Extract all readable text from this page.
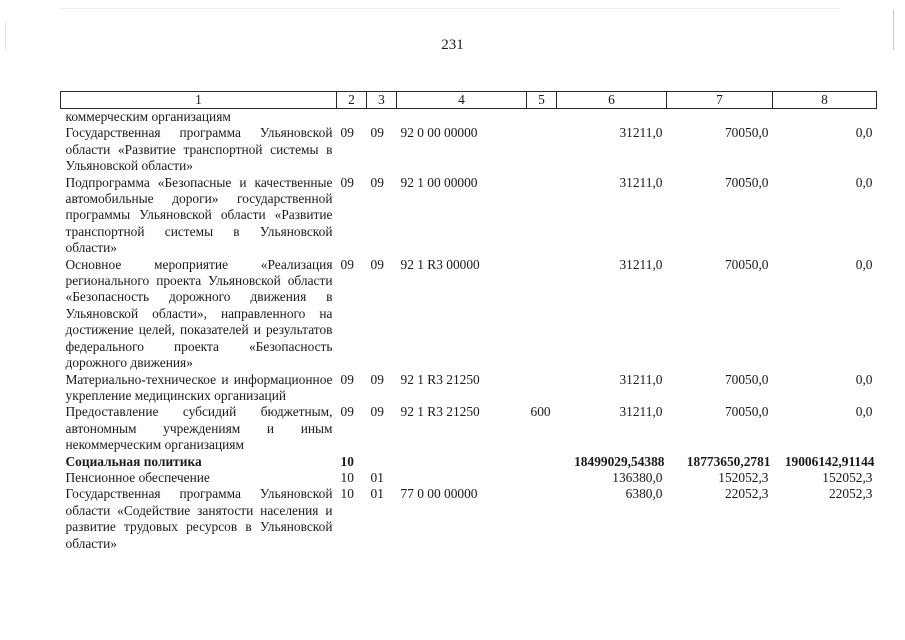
231
1	2	3	4	5	6	7	8
коммерческим организациям							
Государственная программа Ульяновской области «Развитие транспортной системы в Ульяновской области»	09	09	92 0 00 00000		31211,0	70050,0	0,0
Подпрограмма «Безопасные и качественные автомобильные дороги» государственной программы Ульяновской области «Развитие транспортной системы в Ульяновской области»	09	09	92 1 00 00000		31211,0	70050,0	0,0
Основное мероприятие «Реализация регионального проекта Ульяновской области «Безопасность дорожного движения в Ульяновской области», направленного на достижение целей, показателей и результатов федерального проекта «Безопасность дорожного движения»	09	09	92 1 R3 00000		31211,0	70050,0	0,0
Материально-техническое и информационное укрепление медицинских организаций	09	09	92 1 R3 21250		31211,0	70050,0	0,0
Предоставление субсидий бюджетным, автономным учреждениям и иным некоммерческим организациям	09	09	92 1 R3 21250	600	31211,0	70050,0	0,0
Социальная политика	10				18499029,54388	18773650,2781	19006142,91144
Пенсионное обеспечение	10	01			136380,0	152052,3	152052,3
Государственная программа Ульяновской области «Содействие занятости населения и развитие трудовых ресурсов в Ульяновской области»	10	01	77 0 00 00000		6380,0	22052,3	22052,3
